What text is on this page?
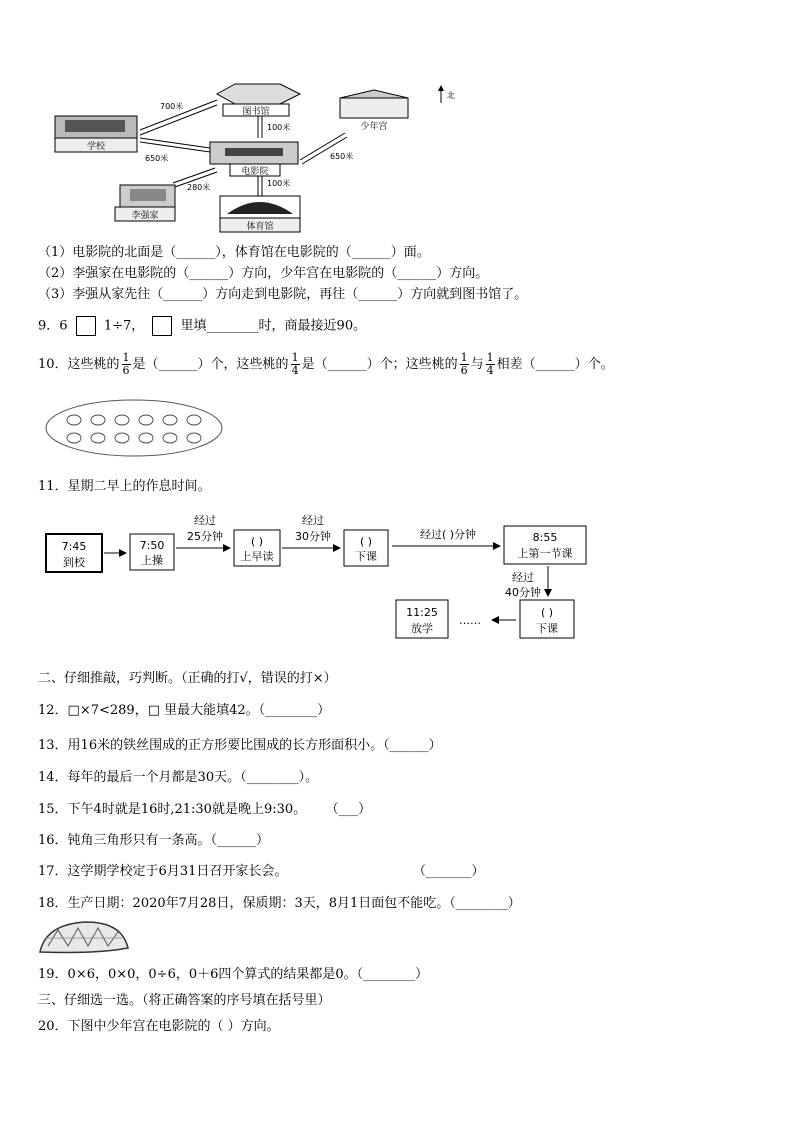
图书馆
700米
100米
学校
650米
电影院
少年宫
650米
李强家
280米	100米
体育馆
北
（1）电影院的北面是（______），体育馆在电影院的（______）面。
（2）李强家在电影院的（______）方向，少年宫在电影院的（______）方向。
（3）李强从家先往（______）方向走到电影院，再往（______）方向就到图书馆了。
9．6	1÷7，	里填________时，商最接近90。
10．这些桃的 $\frac{1}{6}$ 是（______）个，这些桃的 $\frac{1}{4}$ 是（______）个；这些桃的 $\frac{1}{6}$ 与 $\frac{1}{4}$ 相差（______）个。
11．星期二早上的作息时间。
7:45
到校
7:50
上操
经过
25分钟	( )
上早读
经过
30分钟	( )
下课
经过( )分钟	8:55
上第一节课
经过
40分钟
( )
下课
……
11:25
放学
二、仔细推敲，巧判断。（正确的打√，错误的打×）
12．□×7<289，□ 里最大能填42。（________）
13．用16米的铁丝围成的正方形要比围成的长方形面积小。（______）
14．每年的最后一个月都是30天。（________）。
15．下午4时就是16时,21:30就是晚上9:30。 （___）
16．钝角三角形只有一条高。（______）
17．这学期学校定于6月31日召开家长会。	（_______）
18．生产日期：2020年7月28日，保质期：3天，8月1日面包不能吃。（________）
19．0×6，0×0，0÷6，0＋6四个算式的结果都是0。（________）
三、仔细选一选。（将正确答案的序号填在括号里）
20．下图中少年宫在电影院的（ ）方向。
